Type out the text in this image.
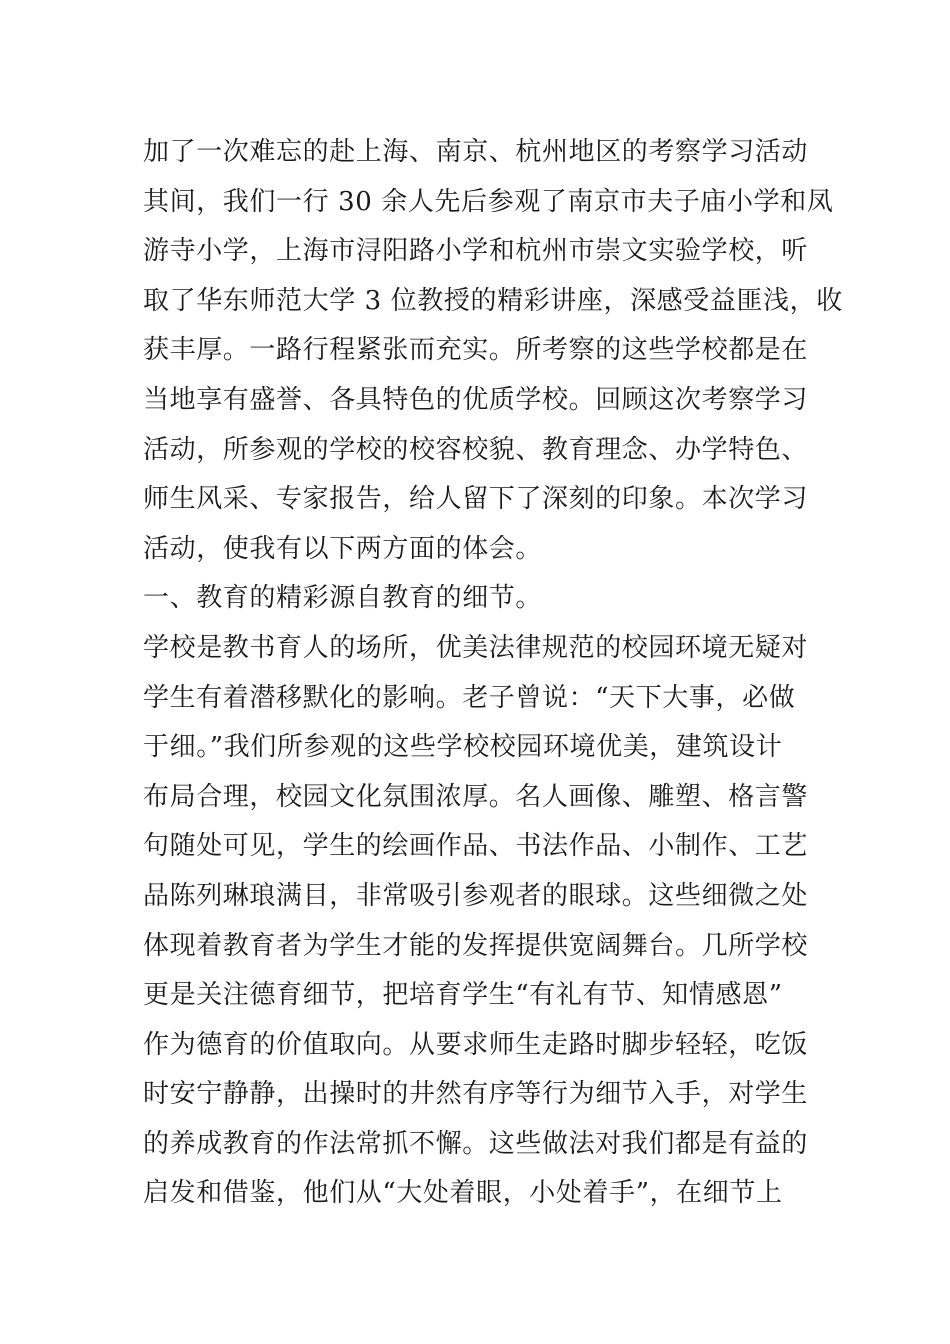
加了一次难忘的赴上海、南京、杭州地区的考察学习活动
其间，我们一行 30 余人先后参观了南京市夫子庙小学和凤
游寺小学，上海市浔阳路小学和杭州市崇文实验学校，听
取了华东师范大学 3 位教授的精彩讲座，深感受益匪浅，收
获丰厚。一路行程紧张而充实。所考察的这些学校都是在
当地享有盛誉、各具特色的优质学校。回顾这次考察学习
活动，所参观的学校的校容校貌、教育理念、办学特色、
师生风采、专家报告，给人留下了深刻的印象。本次学习
活动，使我有以下两方面的体会。
一、教育的精彩源自教育的细节。
学校是教书育人的场所，优美法律规范的校园环境无疑对
学生有着潜移默化的影响。老子曾说：“天下大事，必做
于细。”我们所参观的这些学校校园环境优美，建筑设计
布局合理，校园文化氛围浓厚。名人画像、雕塑、格言警
句随处可见，学生的绘画作品、书法作品、小制作、工艺
品陈列琳琅满目，非常吸引参观者的眼球。这些细微之处
体现着教育者为学生才能的发挥提供宽阔舞台。几所学校
更是关注德育细节，把培育学生“有礼有节、知情感恩”
作为德育的价值取向。从要求师生走路时脚步轻轻，吃饭
时安宁静静，出操时的井然有序等行为细节入手，对学生
的养成教育的作法常抓不懈。这些做法对我们都是有益的
启发和借鉴，他们从“大处着眼，小处着手”，在细节上
